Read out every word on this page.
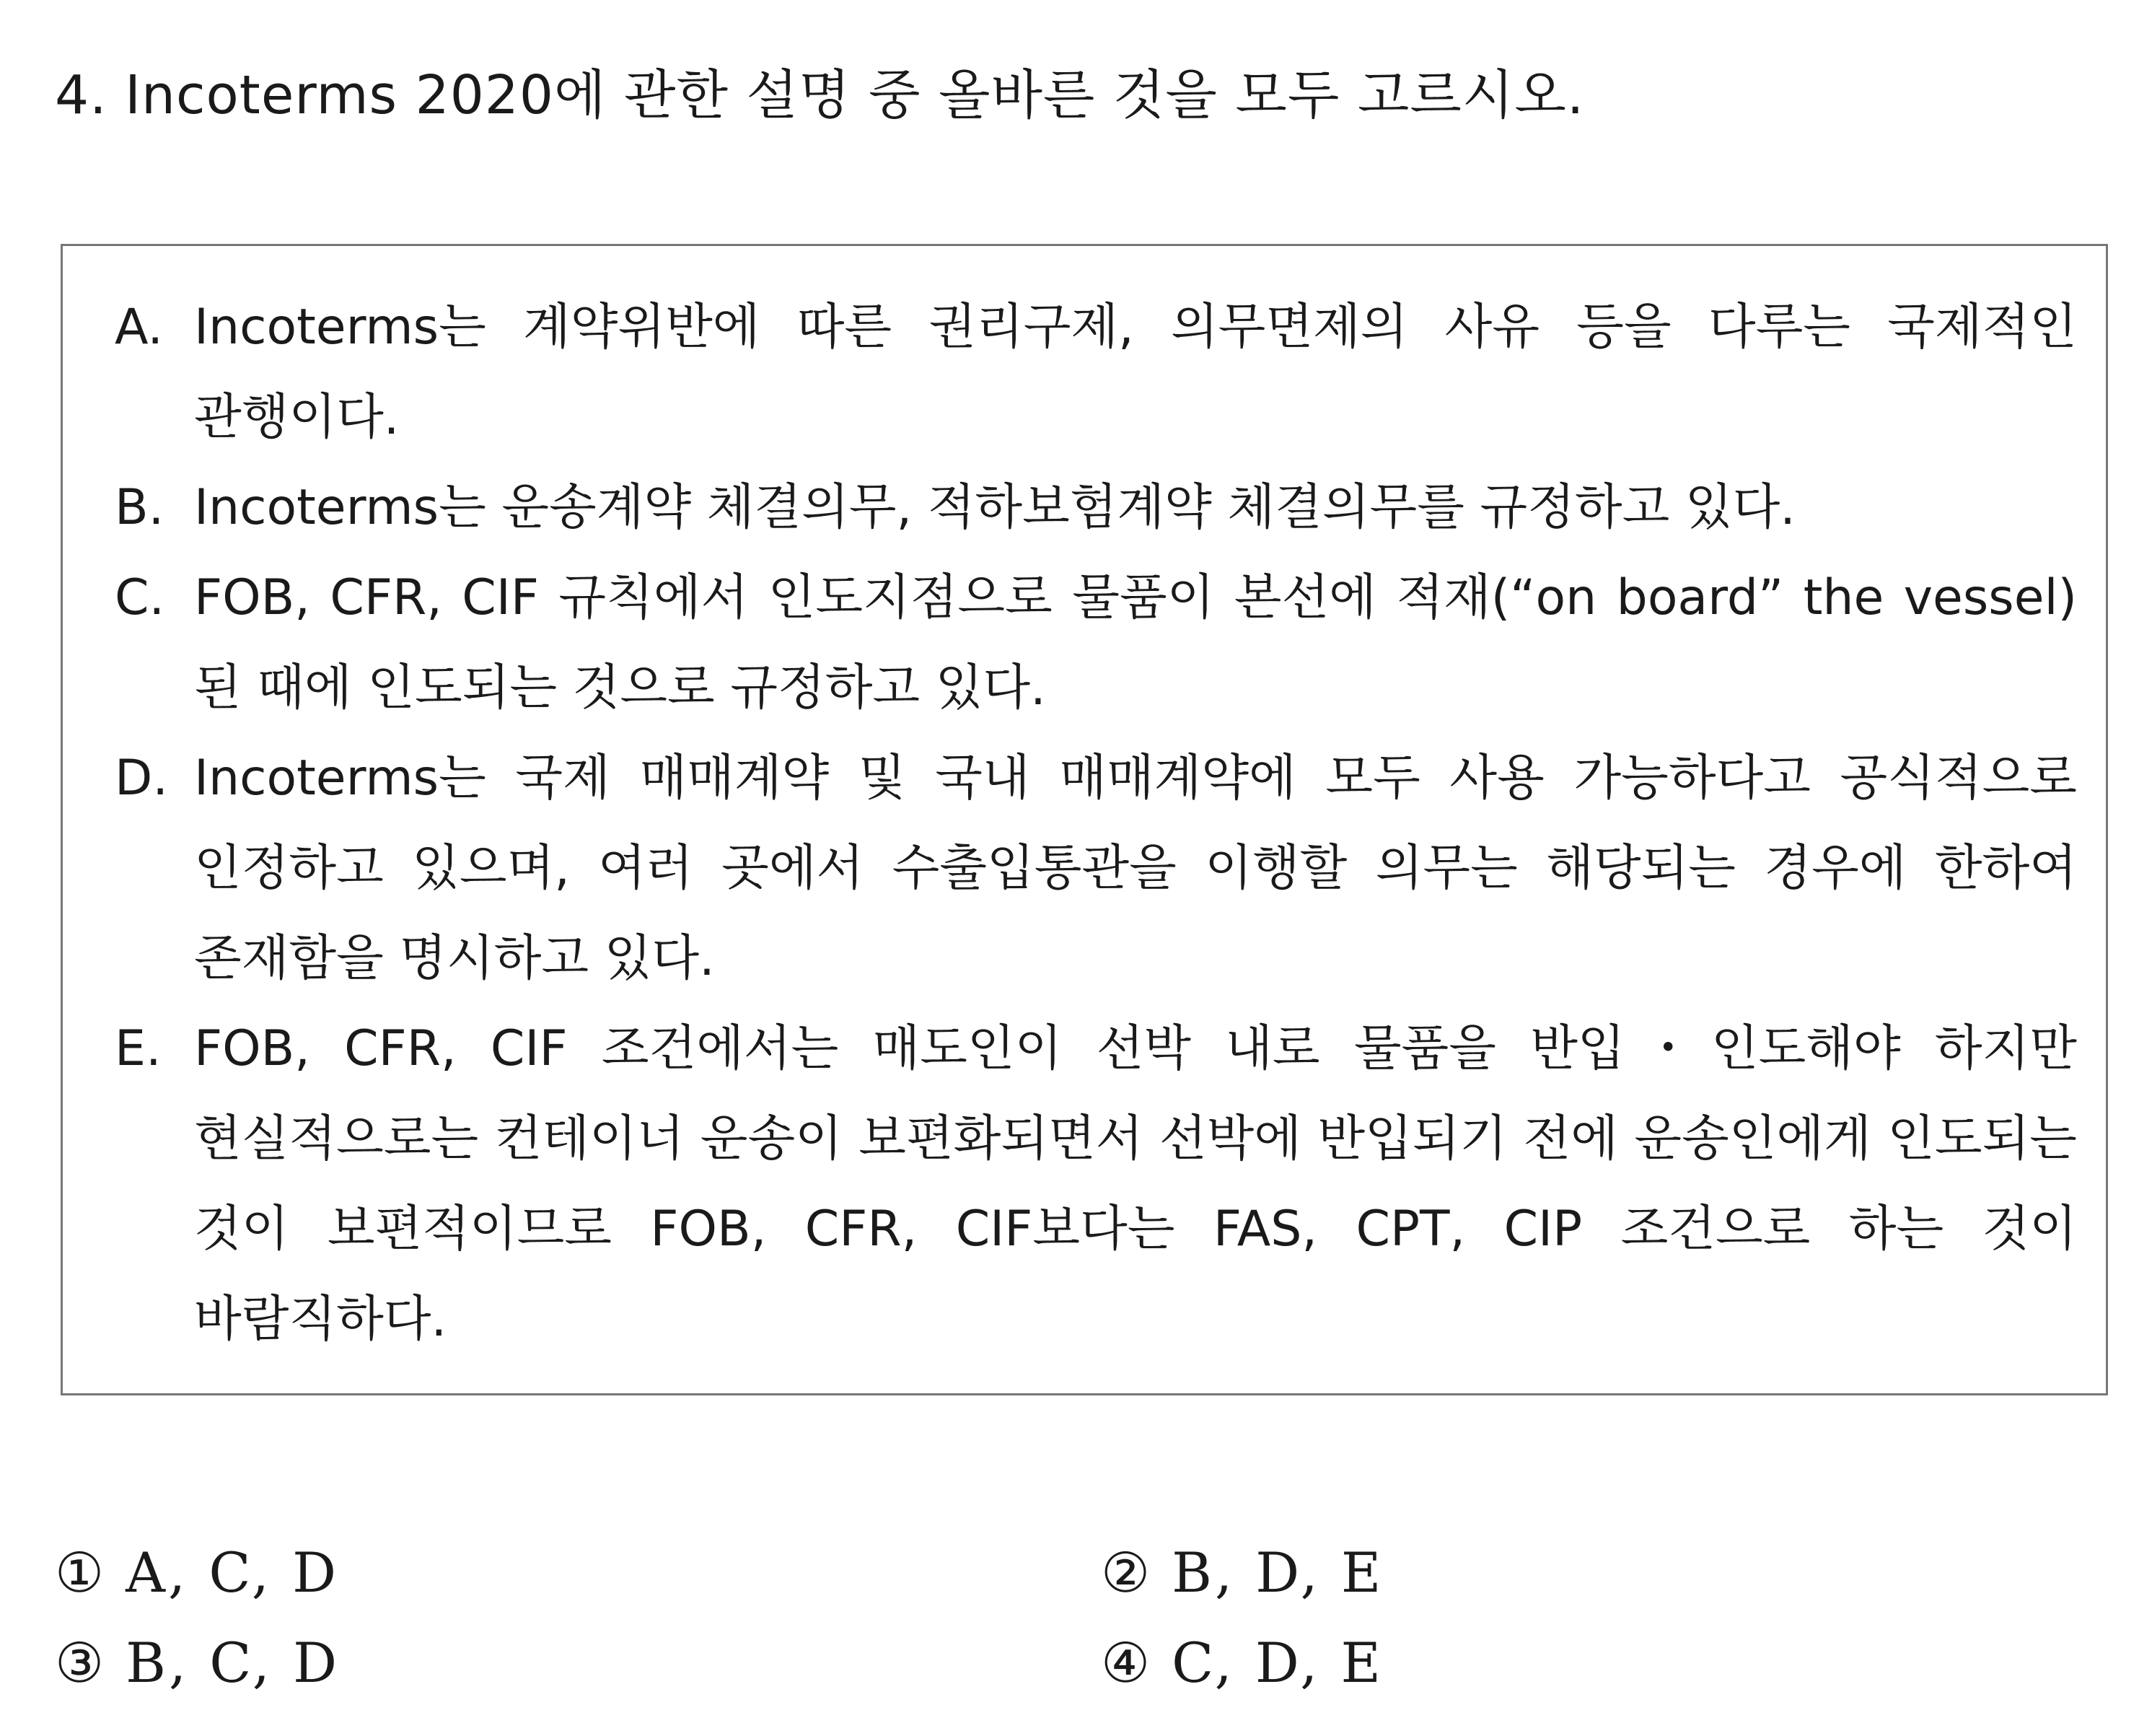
4. Incoterms 2020에 관한 설명 중 올바른 것을 모두 고르시오.
A. Incoterms는 계약위반에 따른 권리구제, 의무면제의 사유 등을 다루는 국제적인 관행이다.
B. Incoterms는 운송계약 체결의무, 적하보험계약 체결의무를 규정하고 있다.
C. FOB, CFR, CIF 규칙에서 인도지점으로 물품이 본선에 적재(“on board” the vessel) 된 때에 인도되는 것으로 규정하고 있다.
D. Incoterms는 국제 매매계약 및 국내 매매계약에 모두 사용 가능하다고 공식적으로 인정하고 있으며, 여러 곳에서 수출입통관을 이행할 의무는 해당되는 경우에 한하여 존재함을 명시하고 있다.
E. FOB, CFR, CIF 조건에서는 매도인이 선박 내로 물품을 반입・인도해야 하지만 현실적으로는 컨테이너 운송이 보편화되면서 선박에 반입되기 전에 운송인에게 인도되는 것이 보편적이므로 FOB, CFR, CIF보다는 FAS, CPT, CIP 조건으로 하는 것이 바람직하다.
① A, C, D	② B, D, E
③ B, C, D	④ C, D, E
